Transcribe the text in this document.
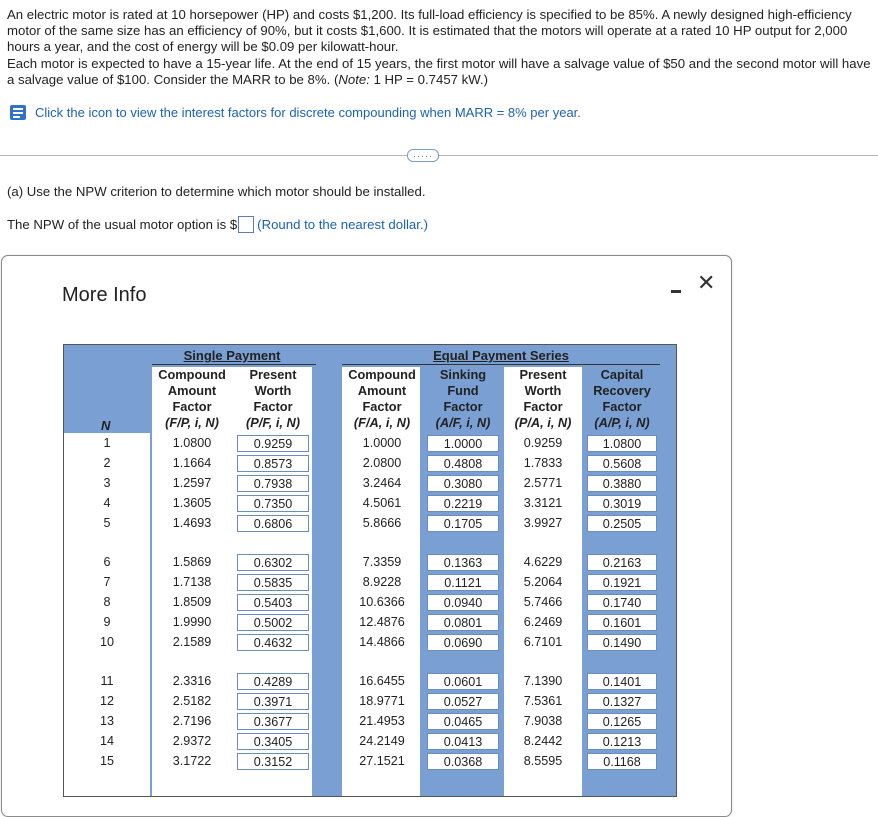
An electric motor is rated at 10 horsepower (HP) and costs $1,200. Its full-load efficiency is specified to be 85%. A newly designed high-efficiency motor of the same size has an efficiency of 90%, but it costs $1,600. It is estimated that the motors will operate at a rated 10 HP output for 2,000 hours a year, and the cost of energy will be $0.09 per kilowatt-hour.

Each motor is expected to have a 15-year life. At the end of 15 years, the first motor will have a salvage value of $50 and the second motor will have a salvage value of $100. Consider the MARR to be 8%. (Note: 1 HP = 0.7457 kW.)

Click the icon to view the interest factors for discrete compounding when MARR = 8% per year.
·····
(a) Use the NPW criterion to determine which motor should be installed.
The NPW of the usual motor option is $ (Round to the nearest dollar.)
More Info	✕
Single Payment	Equal Payment Series
Compound
Amount
Factor
(F/P, i, N)
Present
Worth
Factor
(P/F, i, N)
Compound
Amount
Factor
(F/A, i, N)
Sinking
Fund
Factor
(A/F, i, N)
Present
Worth
Factor
(P/A, i, N)
Capital
Recovery
Factor
(A/P, i, N)
N
1	1.0800	0.9259	1.0000	1.0000	0.9259	1.0800
2	1.1664	0.8573	2.0800	0.4808	1.7833	0.5608
3	1.2597	0.7938	3.2464	0.3080	2.5771	0.3880
4	1.3605	0.7350	4.5061	0.2219	3.3121	0.3019
5	1.4693	0.6806	5.8666	0.1705	3.9927	0.2505
6	1.5869	0.6302	7.3359	0.1363	4.6229	0.2163
7	1.7138	0.5835	8.9228	0.1121	5.2064	0.1921
8	1.8509	0.5403	10.6366	0.0940	5.7466	0.1740
9	1.9990	0.5002	12.4876	0.0801	6.2469	0.1601
10	2.1589	0.4632	14.4866	0.0690	6.7101	0.1490
11	2.3316	0.4289	16.6455	0.0601	7.1390	0.1401
12	2.5182	0.3971	18.9771	0.0527	7.5361	0.1327
13	2.7196	0.3677	21.4953	0.0465	7.9038	0.1265
14	2.9372	0.3405	24.2149	0.0413	8.2442	0.1213
15	3.1722	0.3152	27.1521	0.0368	8.5595	0.1168
